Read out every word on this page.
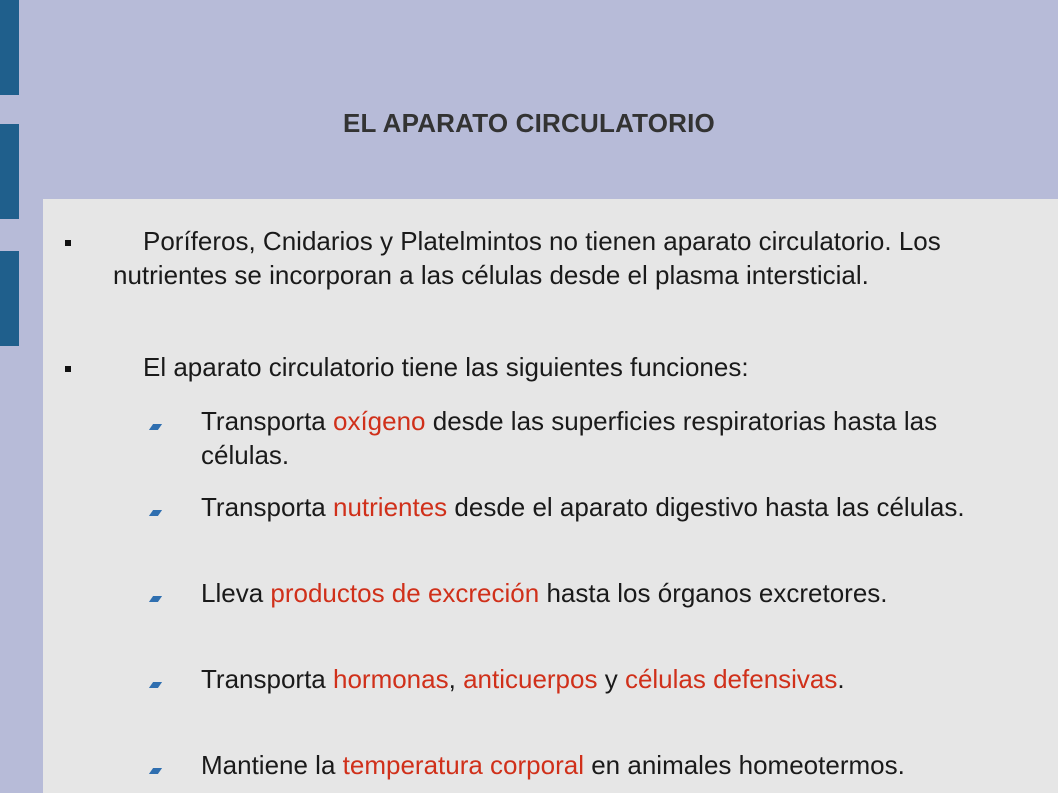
EL APARATO CIRCULATORIO
Poríferos, Cnidarios y Platelmintos no tienen aparato circulatorio. Los nutrientes se incorporan a las células desde el plasma intersticial.
El aparato circulatorio tiene las siguientes funciones:
Transporta oxígeno desde las superficies respiratorias hasta las células.
Transporta nutrientes desde el aparato digestivo hasta las células.
Lleva productos de excreción hasta los órganos excretores.
Transporta hormonas, anticuerpos y células defensivas.
Mantiene la temperatura corporal en animales homeotermos.
